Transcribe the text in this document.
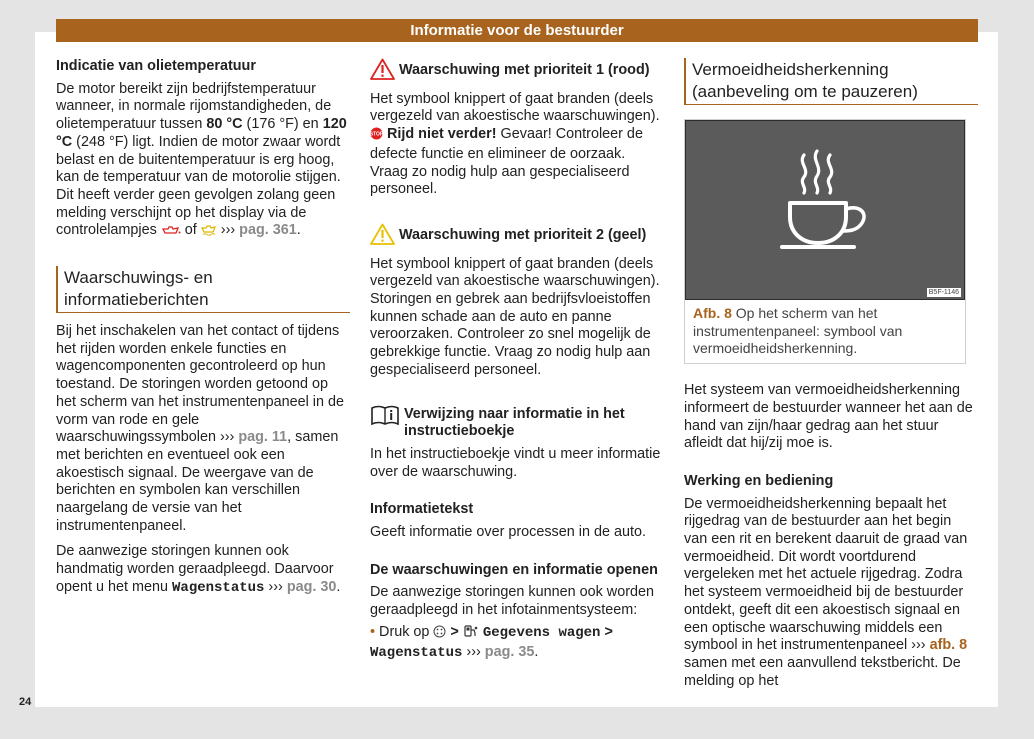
Informatie voor de bestuurder

Indicatie van olietemperatuur

De motor bereikt zijn bedrijfstemperatuur wanneer, in normale rijomstandigheden, de olietemperatuur tussen 80 °C (176 °F) en 120 °C (248 °F) ligt. Indien de motor zwaar wordt belast en de buitentemperatuur is erg hoog, kan de temperatuur van de motorolie stijgen. Dit heeft verder geen gevolgen zolang geen melding verschijnt op het display via de controlelampjes  of  ››› pag. 361.

Waarschuwings- en informatieberichten

Bij het inschakelen van het contact of tijdens het rijden worden enkele functies en wagencomponenten gecontroleerd op hun toestand. De storingen worden getoond op het scherm van het instrumentenpaneel in de vorm van rode en gele waarschuwingssymbolen ››› pag. 11, samen met berichten en eventueel ook een akoestisch signaal. De weergave van de berichten en symbolen kan verschillen naargelang de versie van het instrumentenpaneel.

De aanwezige storingen kunnen ook handmatig worden geraadpleegd. Daarvoor opent u het menu Wagenstatus ››› pag. 30.

Waarschuwing met prioriteit 1 (rood)

Het symbool knippert of gaat branden (deels vergezeld van akoestische waarschuwingen).

STOP Rijd niet verder! Gevaar! Controleer de defecte functie en elimineer de oorzaak. Vraag zo nodig hulp aan gespecialiseerd personeel.

Waarschuwing met prioriteit 2 (geel)

Het symbool knippert of gaat branden (deels vergezeld van akoestische waarschuwingen). Storingen en gebrek aan bedrijfsvloeistoffen kunnen schade aan de auto en panne veroorzaken. Controleer zo snel mogelijk de gebrekkige functie. Vraag zo nodig hulp aan gespecialiseerd personeel.

Verwijzing naar informatie in het instructieboekje

In het instructieboekje vindt u meer informatie over de waarschuwing.

Informatietekst

Geeft informatie over processen in de auto.

De waarschuwingen en informatie openen

De aanwezige storingen kunnen ook worden geraadpleegd in het infotainmentsysteem:

• Druk op  >  Gegevens wagen >
Wagenstatus ››› pag. 35.

Vermoeidheidsherkenning (aanbeveling om te pauzeren)
B5F-1146
Afb. 8 Op het scherm van het instrumentenpaneel: symbool van vermoeidheidsherkenning.

Het systeem van vermoeidheidsherkenning informeert de bestuurder wanneer het aan de hand van zijn/haar gedrag aan het stuur afleidt dat hij/zij moe is.

Werking en bediening

De vermoeidheidsherkenning bepaalt het rijgedrag van de bestuurder aan het begin van een rit en berekent daaruit de graad van vermoeidheid. Dit wordt voortdurend vergeleken met het actuele rijgedrag. Zodra het systeem vermoeidheid bij de bestuurder ontdekt, geeft dit een akoestisch signaal en een optische waarschuwing middels een symbool in het instrumentenpaneel ››› afb. 8 samen met een aanvullend tekstbericht. De melding op het

24
